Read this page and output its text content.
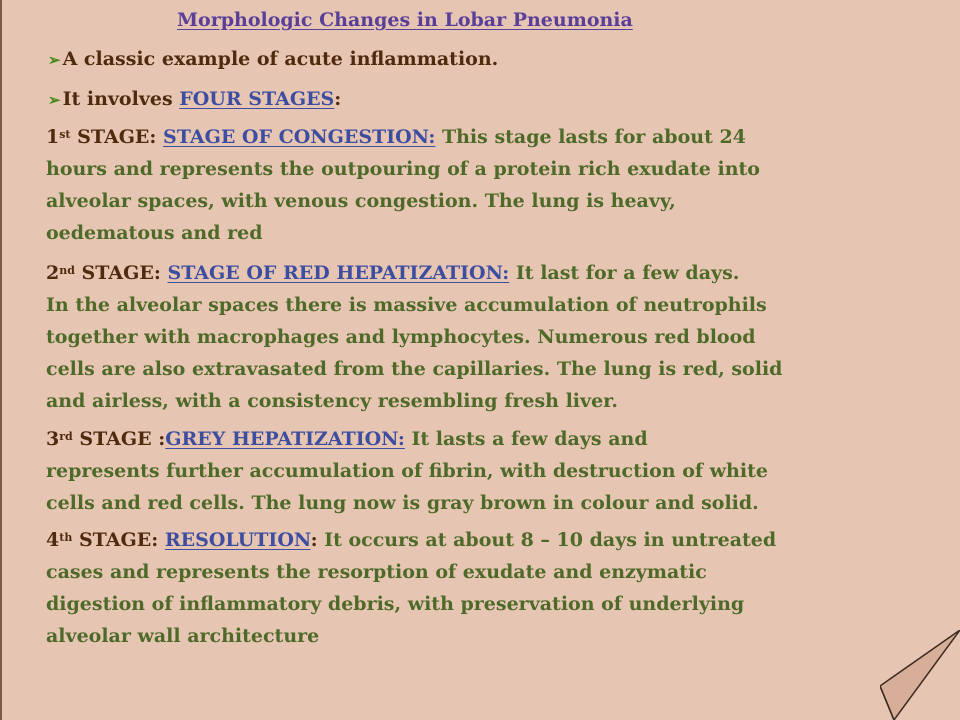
Morphologic Changes in Lobar Pneumonia
➢ A classic example of acute inflammation.
➢ It involves FOUR STAGES:
1st STAGE: STAGE OF CONGESTION: This stage lasts for about 24
hours and represents the outpouring of a protein rich exudate into
alveolar spaces, with venous congestion. The lung is heavy,
oedematous and red
2nd STAGE: STAGE OF RED HEPATIZATION: It last for a few days.
In the alveolar spaces there is massive accumulation of neutrophils
together with macrophages and lymphocytes. Numerous red blood
cells are also extravasated from the capillaries. The lung is red, solid
and airless, with a consistency resembling fresh liver.
3rd STAGE :GREY HEPATIZATION: It lasts a few days and
represents further accumulation of fibrin, with destruction of white
cells and red cells. The lung now is gray brown in colour and solid.
4th STAGE: RESOLUTION: It occurs at about 8 – 10 days in untreated
cases and represents the resorption of exudate and enzymatic
digestion of inflammatory debris, with preservation of underlying
alveolar wall architecture
